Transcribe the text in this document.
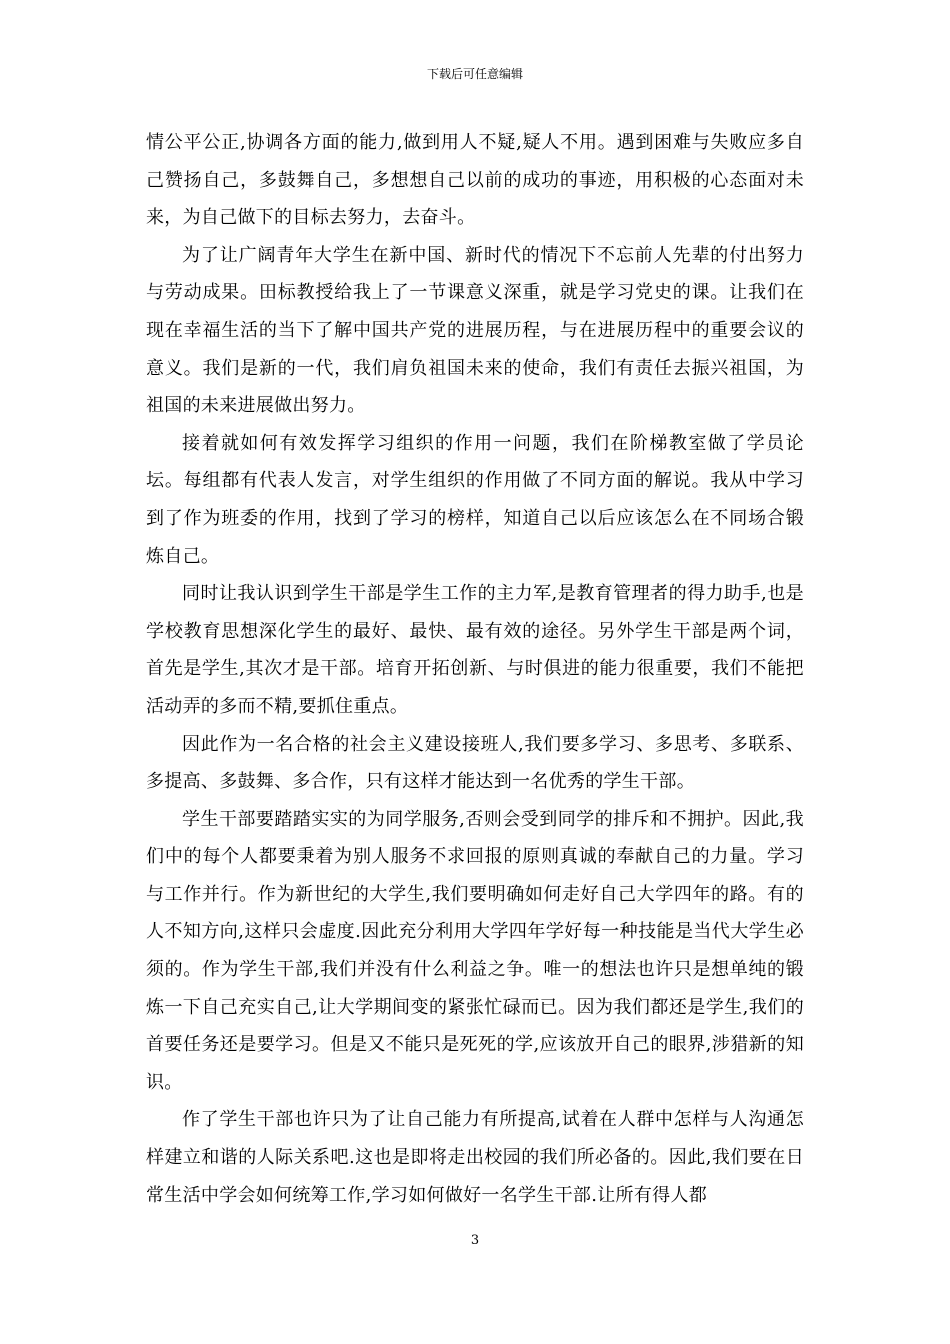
下载后可任意编辑

情公平公正,协调各方面的能力,做到用人不疑,疑人不用。遇到困难与失败应多自己赞扬自己，多鼓舞自己，多想想自己以前的成功的事迹，用积极的心态面对未来，为自己做下的目标去努力，去奋斗。

为了让广阔青年大学生在新中国、新时代的情况下不忘前人先辈的付出努力与劳动成果。田标教授给我上了一节课意义深重，就是学习党史的课。让我们在现在幸福生活的当下了解中国共产党的进展历程，与在进展历程中的重要会议的意义。我们是新的一代，我们肩负祖国未来的使命，我们有责任去振兴祖国，为祖国的未来进展做出努力。

接着就如何有效发挥学习组织的作用一问题，我们在阶梯教室做了学员论坛。每组都有代表人发言，对学生组织的作用做了不同方面的解说。我从中学习到了作为班委的作用，找到了学习的榜样，知道自己以后应该怎么在不同场合锻炼自己。

同时让我认识到学生干部是学生工作的主力军,是教育管理者的得力助手,也是学校教育思想深化学生的最好、最快、最有效的途径。另外学生干部是两个词，首先是学生,其次才是干部。培育开拓创新、与时俱进的能力很重要，我们不能把活动弄的多而不精,要抓住重点。

因此作为一名合格的社会主义建设接班人,我们要多学习、多思考、多联系、多提高、多鼓舞、多合作，只有这样才能达到一名优秀的学生干部。

学生干部要踏踏实实的为同学服务,否则会受到同学的排斥和不拥护。因此,我们中的每个人都要秉着为别人服务不求回报的原则真诚的奉献自己的力量。学习与工作并行。作为新世纪的大学生,我们要明确如何走好自己大学四年的路。有的人不知方向,这样只会虚度.因此充分利用大学四年学好每一种技能是当代大学生必须的。作为学生干部,我们并没有什么利益之争。唯一的想法也许只是想单纯的锻炼一下自己充实自己,让大学期间变的紧张忙碌而已。因为我们都还是学生,我们的首要任务还是要学习。但是又不能只是死死的学,应该放开自己的眼界,涉猎新的知识。

作了学生干部也许只为了让自己能力有所提高,试着在人群中怎样与人沟通怎样建立和谐的人际关系吧.这也是即将走出校园的我们所必备的。因此,我们要在日常生活中学会如何统筹工作,学习如何做好一名学生干部.让所有得人都

3
